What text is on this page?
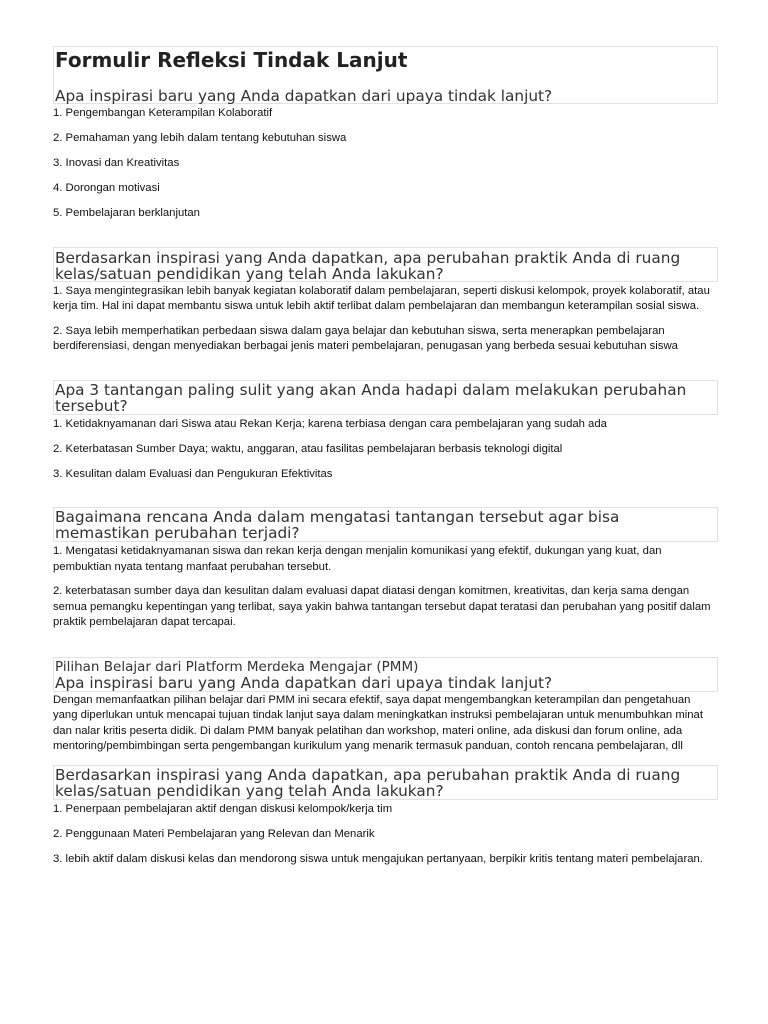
Formulir Refleksi Tindak Lanjut

Apa inspirasi baru yang Anda dapatkan dari upaya tindak lanjut?

1. Pengembangan Keterampilan Kolaboratif
2. Pemahaman yang lebih dalam tentang kebutuhan siswa
3. Inovasi dan Kreativitas
4. Dorongan motivasi
5. Pembelajaran berklanjutan

Berdasarkan inspirasi yang Anda dapatkan, apa perubahan praktik Anda di ruang kelas/satuan pendidikan yang telah Anda lakukan?

1. Saya mengintegrasikan lebih banyak kegiatan kolaboratif dalam pembelajaran, seperti diskusi kelompok, proyek kolaboratif, atau kerja tim. Hal ini dapat membantu siswa untuk lebih aktif terlibat dalam pembelajaran dan membangun keterampilan sosial siswa.
2. Saya lebih memperhatikan perbedaan siswa dalam gaya belajar dan kebutuhan siswa, serta menerapkan pembelajaran berdiferensiasi, dengan menyediakan berbagai jenis materi pembelajaran, penugasan yang berbeda sesuai kebutuhan siswa

Apa 3 tantangan paling sulit yang akan Anda hadapi dalam melakukan perubahan tersebut?

1. Ketidaknyamanan dari Siswa atau Rekan Kerja; karena terbiasa dengan cara pembelajaran yang sudah ada
2. Keterbatasan Sumber Daya; waktu, anggaran, atau fasilitas pembelajaran berbasis teknologi digital
3. Kesulitan dalam Evaluasi dan Pengukuran Efektivitas

Bagaimana rencana Anda dalam mengatasi tantangan tersebut agar bisa memastikan perubahan terjadi?

1. Mengatasi ketidaknyamanan siswa dan rekan kerja dengan menjalin komunikasi yang efektif, dukungan yang kuat, dan pembuktian nyata tentang manfaat perubahan tersebut.
2. keterbatasan sumber daya dan kesulitan dalam evaluasi dapat diatasi dengan komitmen, kreativitas, dan kerja sama dengan semua pemangku kepentingan yang terlibat, saya yakin bahwa tantangan tersebut dapat teratasi dan perubahan yang positif dalam praktik pembelajaran dapat tercapai.

Pilihan Belajar dari Platform Merdeka Mengajar (PMM)

Apa inspirasi baru yang Anda dapatkan dari upaya tindak lanjut?

Dengan memanfaatkan pilihan belajar dari PMM ini secara efektif, saya dapat mengembangkan keterampilan dan pengetahuan yang diperlukan untuk mencapai tujuan tindak lanjut saya dalam meningkatkan instruksi pembelajaran untuk menumbuhkan minat dan nalar kritis peserta didik. Di dalam PMM banyak pelatihan dan workshop, materi online, ada diskusi dan forum online, ada mentoring/pembimbingan serta pengembangan kurikulum yang menarik termasuk panduan, contoh rencana pembelajaran, dll

Berdasarkan inspirasi yang Anda dapatkan, apa perubahan praktik Anda di ruang kelas/satuan pendidikan yang telah Anda lakukan?

1. Penerpaan pembelajaran aktif dengan diskusi kelompok/kerja tim
2. Penggunaan Materi Pembelajaran yang Relevan dan Menarik
3. lebih aktif dalam diskusi kelas dan mendorong siswa untuk mengajukan pertanyaan, berpikir kritis tentang materi pembelajaran.
